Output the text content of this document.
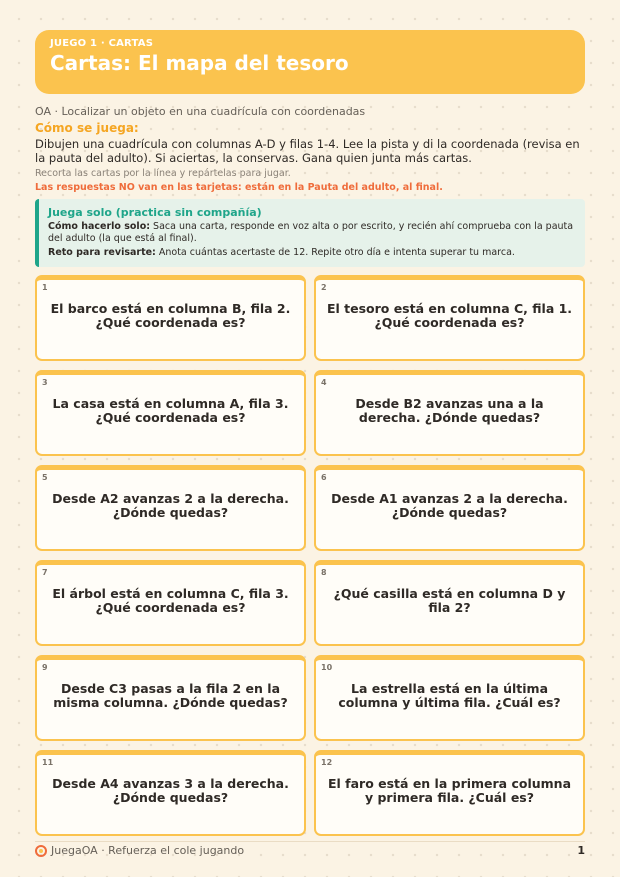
JUEGO 1 · CARTAS
Cartas: El mapa del tesoro
OA · Localizar un objeto en una cuadrícula con coordenadas
Cómo se juega:
Dibujen una cuadrícula con columnas A-D y filas 1-4. Lee la pista y di la coordenada (revisa en la pauta del adulto). Si aciertas, la conservas. Gana quien junta más cartas.
Recorta las cartas por la línea y repártelas para jugar.
Las respuestas NO van en las tarjetas: están en la Pauta del adulto, al final.
Juega solo (practica sin compañía)
Cómo hacerlo solo: Saca una carta, responde en voz alta o por escrito, y recién ahí comprueba con la pauta del adulto (la que está al final).
Reto para revisarte: Anota cuántas acertaste de 12. Repite otro día e intenta superar tu marca.
1
El barco está en columna B, fila 2. ¿Qué coordenada es?
2
El tesoro está en columna C, fila 1. ¿Qué coordenada es?
3
La casa está en columna A, fila 3. ¿Qué coordenada es?
4
Desde B2 avanzas una a la derecha. ¿Dónde quedas?
5
Desde A2 avanzas 2 a la derecha. ¿Dónde quedas?
6
Desde A1 avanzas 2 a la derecha. ¿Dónde quedas?
7
El árbol está en columna C, fila 3. ¿Qué coordenada es?
8
¿Qué casilla está en columna D y fila 2?
9
Desde C3 pasas a la fila 2 en la misma columna. ¿Dónde quedas?
10
La estrella está en la última columna y última fila. ¿Cuál es?
11
Desde A4 avanzas 3 a la derecha. ¿Dónde quedas?
12
El faro está en la primera columna y primera fila. ¿Cuál es?
JuegaOA · Refuerza el cole jugando	1
